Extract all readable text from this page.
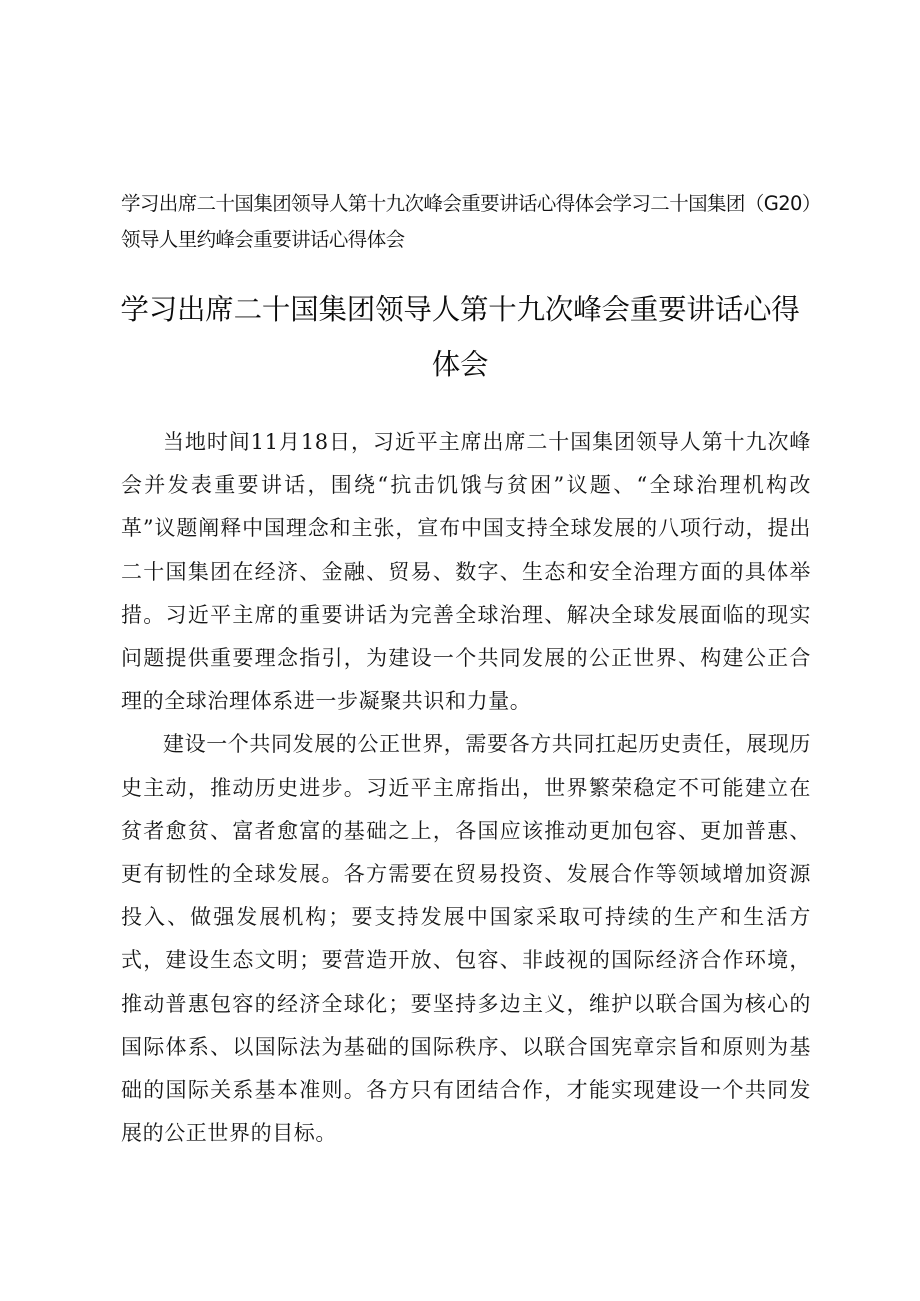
学习出席二十国集团领导人第十九次峰会重要讲话心得体会学习二十国集团（G20）领导人里约峰会重要讲话心得体会
学习出席二十国集团领导人第十九次峰会重要讲话心得体会

当地时间11月18日，习近平主席出席二十国集团领导人第十九次峰会并发表重要讲话，围绕“抗击饥饿与贫困”议题、“全球治理机构改革”议题阐释中国理念和主张，宣布中国支持全球发展的八项行动，提出二十国集团在经济、金融、贸易、数字、生态和安全治理方面的具体举措。习近平主席的重要讲话为完善全球治理、解决全球发展面临的现实问题提供重要理念指引，为建设一个共同发展的公正世界、构建公正合理的全球治理体系进一步凝聚共识和力量。

建设一个共同发展的公正世界，需要各方共同扛起历史责任，展现历史主动，推动历史进步。习近平主席指出，世界繁荣稳定不可能建立在贫者愈贫、富者愈富的基础之上，各国应该推动更加包容、更加普惠、更有韧性的全球发展。各方需要在贸易投资、发展合作等领域增加资源投入、做强发展机构；要支持发展中国家采取可持续的生产和生活方式，建设生态文明；要营造开放、包容、非歧视的国际经济合作环境，推动普惠包容的经济全球化；要坚持多边主义，维护以联合国为核心的国际体系、以国际法为基础的国际秩序、以联合国宪章宗旨和原则为基础的国际关系基本准则。各方只有团结合作，才能实现建设一个共同发展的公正世界的目标。
